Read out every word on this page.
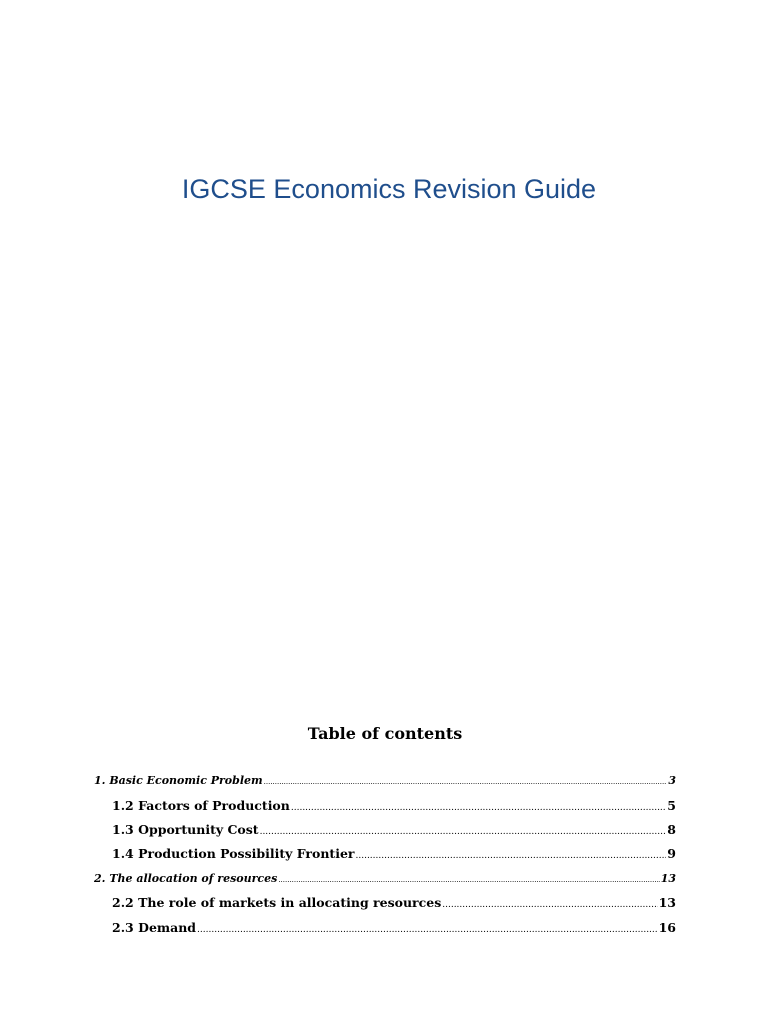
IGCSE Economics Revision Guide
Table of contents
1. Basic Economic Problem .....	3
1.2 Factors of Production .....	5
1.3 Opportunity Cost .....	8
1.4 Production Possibility Frontier .....	9
2. The allocation of resources .....	13
2.2 The role of markets in allocating resources .....	13
2.3 Demand .....	16
